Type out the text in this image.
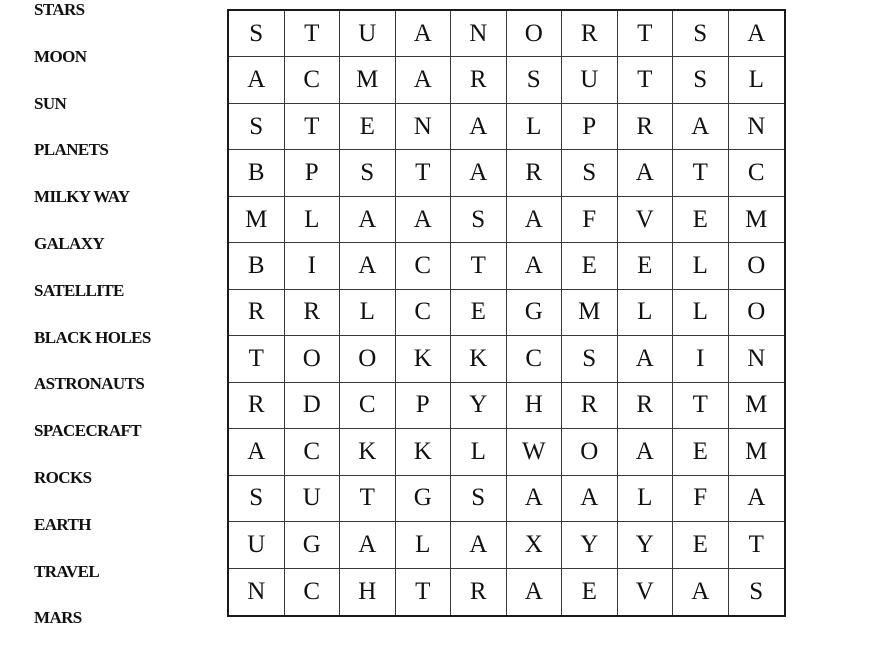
STARS
MOON
SUN
PLANETS
MILKY WAY
GALAXY
SATELLITE
BLACK HOLES
ASTRONAUTS
SPACECRAFT
ROCKS
EARTH
TRAVEL
MARS
S	T	U	A	N	O	R	T	S	A
A	C	M	A	R	S	U	T	S	L
S	T	E	N	A	L	P	R	A	N
B	P	S	T	A	R	S	A	T	C
M	L	A	A	S	A	F	V	E	M
B	I	A	C	T	A	E	E	L	O
R	R	L	C	E	G	M	L	L	O
T	O	O	K	K	C	S	A	I	N
R	D	C	P	Y	H	R	R	T	M
A	C	K	K	L	W	O	A	E	M
S	U	T	G	S	A	A	L	F	A
U	G	A	L	A	X	Y	Y	E	T
N	C	H	T	R	A	E	V	A	S
